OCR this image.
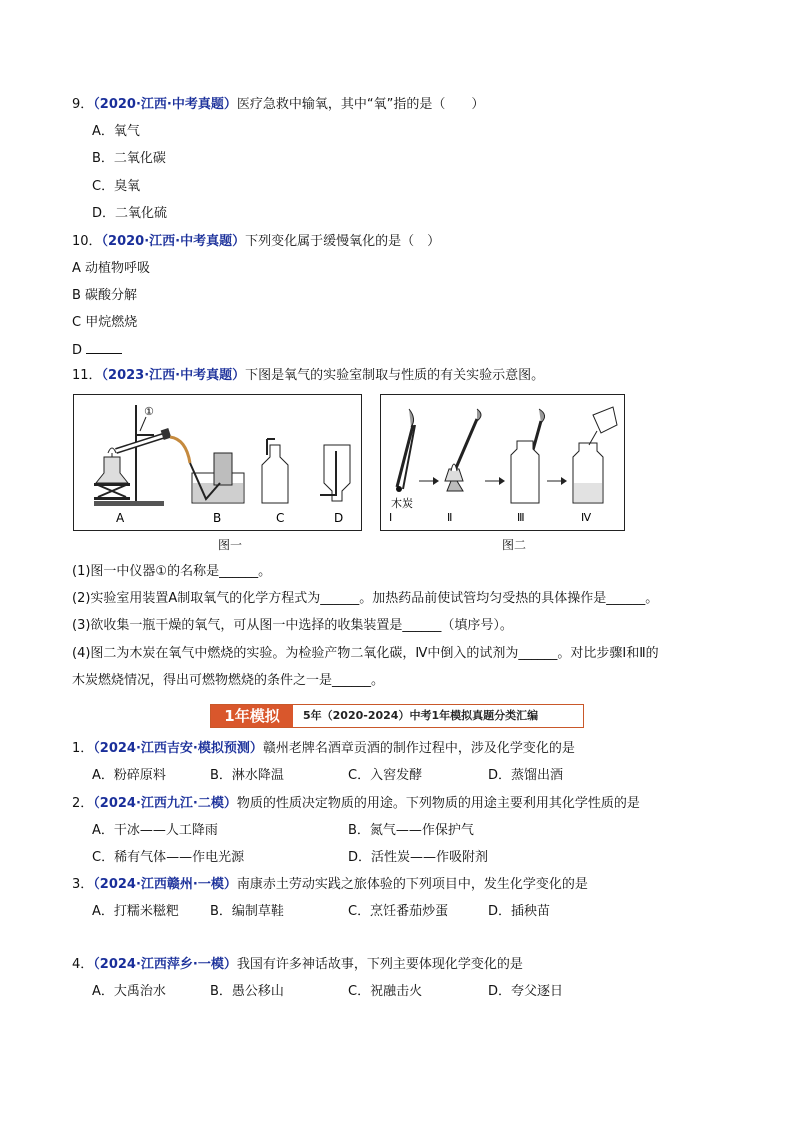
9．（2020·江西·中考真题）医疗急救中输氧，其中“氧”指的是（　　）
A．氧气
B．二氧化碳
C．臭氧
D．二氧化硫
10．（2020·江西·中考真题）下列变化属于缓慢氧化的是（　）
A 动植物呼吸
B 碳酸分解
C 甲烷燃烧
D
11．（2023·江西·中考真题）下图是氧气的实验室制取与性质的有关实验示意图。
①
A	B	C	D
图一
木炭
Ⅰ	Ⅱ	Ⅲ	Ⅳ
图二
(1)图一中仪器①的名称是______。
(2)实验室用装置A制取氧气的化学方程式为______。加热药品前使试管均匀受热的具体操作是______。
(3)欲收集一瓶干燥的氧气，可从图一中选择的收集装置是______（填序号）。
(4)图二为木炭在氧气中燃烧的实验。为检验产物二氧化碳，Ⅳ中倒入的试剂为______。对比步骤Ⅰ和Ⅱ的
木炭燃烧情况，得出可燃物燃烧的条件之一是______。
1年模拟	5年（2020-2024）中考1年模拟真题分类汇编
1．（2024·江西吉安·模拟预测）赣州老牌名酒章贡酒的制作过程中，涉及化学变化的是
A．粉碎原料	B．淋水降温	C．入窖发酵	D．蒸馏出酒
2．（2024·江西九江·二模）物质的性质决定物质的用途。下列物质的用途主要利用其化学性质的是
A．干冰——人工降雨	B．氮气——作保护气
C．稀有气体——作电光源	D．活性炭——作吸附剂
3．（2024·江西赣州·一模）南康赤土劳动实践之旅体验的下列项目中，发生化学变化的是
A．打糯米糍粑 B．编制草鞋	C．烹饪番茄炒蛋	D．插秧苗
4．（2024·江西萍乡·一模）我国有许多神话故事，下列主要体现化学变化的是
A．大禹治水	B．愚公移山	C．祝融击火	D．夸父逐日
